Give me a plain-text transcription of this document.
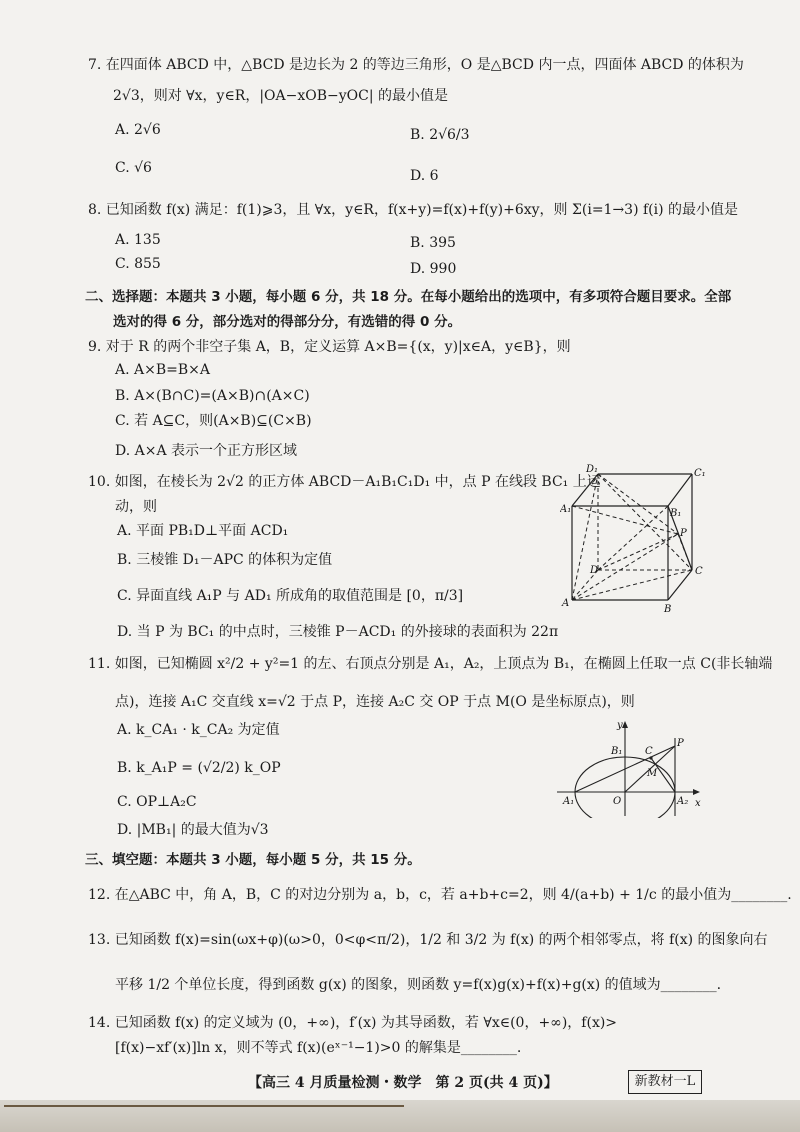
7. 在四面体 ABCD 中，△BCD 是边长为 2 的等边三角形，O 是△BCD 内一点，四面体 ABCD 的体积为
2√3，则对 ∀x，y∈R，|OA−xOB−yOC| 的最小值是
A. 2√6	B. 2√6/3
C. √6	D. 6
8. 已知函数 f(x) 满足：f(1)⩾3，且 ∀x，y∈R，f(x+y)=f(x)+f(y)+6xy，则 Σ(i=1→3) f(i) 的最小值是
A. 135	B. 395
C. 855	D. 990
二、选择题：本题共 3 小题，每小题 6 分，共 18 分。在每小题给出的选项中，有多项符合题目要求。全部
选对的得 6 分，部分选对的得部分分，有选错的得 0 分。
9. 对于 R 的两个非空子集 A，B，定义运算 A×B={(x，y)|x∈A，y∈B}，则
A. A×B=B×A
B. A×(B∩C)=(A×B)∩(A×C)
C. 若 A⊆C，则(A×B)⊆(C×B)
D. A×A 表示一个正方形区域
10. 如图，在棱长为 2√2 的正方体 ABCD－A₁B₁C₁D₁ 中，点 P 在线段 BC₁ 上运
动，则
A. 平面 PB₁D⊥平面 ACD₁
B. 三棱锥 D₁－APC 的体积为定值
C. 异面直线 A₁P 与 AD₁ 所成角的取值范围是 [0，π/3]
D. 当 P 为 BC₁ 的中点时，三棱锥 P－ACD₁ 的外接球的表面积为 22π
D₁	C₁
A₁	B₁
P
D	C
A
B
11. 如图，已知椭圆 x²/2 + y²=1 的左、右顶点分别是 A₁，A₂，上顶点为 B₁，在椭圆上任取一点 C(非长轴端
点)，连接 A₁C 交直线 x=√2 于点 P，连接 A₂C 交 OP 于点 M(O 是坐标原点)，则
A. k_CA₁ · k_CA₂ 为定值
B. k_A₁P = (√2/2) k_OP
C. OP⊥A₂C
D. |MB₁| 的最大值为√3
y
x
B₁ C
P
M
A₁	O	A₂
三、填空题：本题共 3 小题，每小题 5 分，共 15 分。
12. 在△ABC 中，角 A，B，C 的对边分别为 a，b，c，若 a+b+c=2，则 4/(a+b) + 1/c 的最小值为________.
13. 已知函数 f(x)=sin(ωx+φ)(ω>0，0<φ<π/2)，1/2 和 3/2 为 f(x) 的两个相邻零点，将 f(x) 的图象向右
平移 1/2 个单位长度，得到函数 g(x) 的图象，则函数 y=f(x)g(x)+f(x)+g(x) 的值域为________.
14. 已知函数 f(x) 的定义域为 (0，+∞)，f′(x) 为其导函数，若 ∀x∈(0，+∞)，f(x)>
[f(x)−xf′(x)]ln x，则不等式 f(x)(eˣ⁻¹−1)>0 的解集是________.
【高三 4 月质量检测・数学　第 2 页(共 4 页)】	新教材一L
